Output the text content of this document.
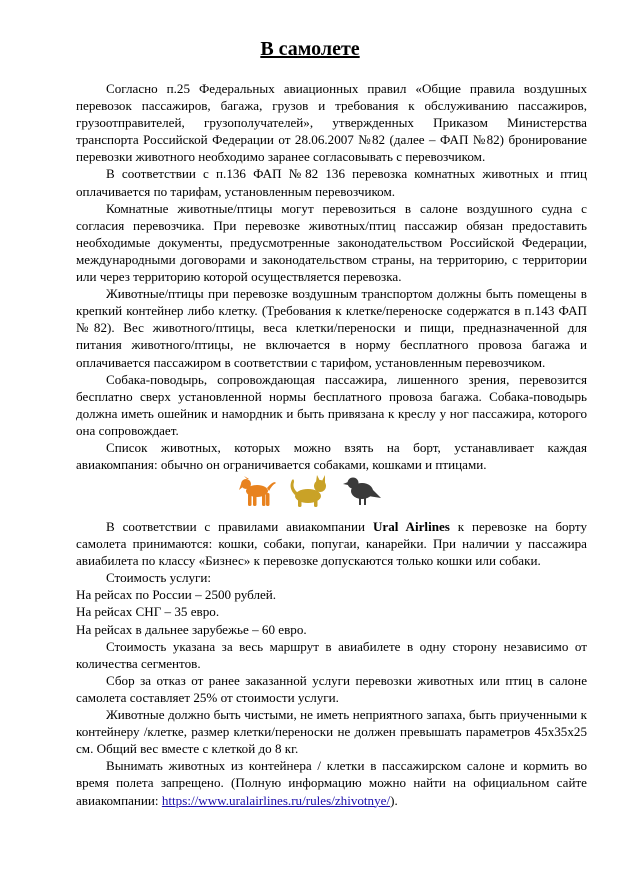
В самолете

Согласно п.25 Федеральных авиационных правил «Общие правила воздушных перевозок пассажиров, багажа, грузов и требования к обслуживанию пассажиров, грузоотправителей, грузополучателей», утвержденных Приказом Министерства транспорта Российской Федерации от 28.06.2007 №82 (далее – ФАП №82) бронирование перевозки животного необходимо заранее согласовывать с перевозчиком.

В соответствии с п.136 ФАП №82 136 перевозка комнатных животных и птиц оплачивается по тарифам, установленным перевозчиком.

Комнатные животные/птицы могут перевозиться в салоне воздушного судна с согласия перевозчика. При перевозке животных/птиц пассажир обязан предоставить необходимые документы, предусмотренные законодательством Российской Федерации, международными договорами и законодательством страны, на территорию, с территории или через территорию которой осуществляется перевозка.

Животные/птицы при перевозке воздушным транспортом должны быть помещены в крепкий контейнер либо клетку. (Требования к клетке/переноске содержатся в п.143 ФАП №82). Вес животного/птицы, веса клетки/переноски и пищи, предназначенной для питания животного/птицы, не включается в норму бесплатного провоза багажа и оплачивается пассажиром в соответствии с тарифом, установленным перевозчиком.

Собака-поводырь, сопровождающая пассажира, лишенного зрения, перевозится бесплатно сверх установленной нормы бесплатного провоза багажа. Собака-поводырь должна иметь ошейник и намордник и быть привязана к креслу у ног пассажира, которого она сопровождает.

Список животных, которых можно взять на борт, устанавливает каждая авиакомпания: обычно он ограничивается собаками, кошками и птицами.

В соответствии с правилами авиакомпании Ural Airlines к перевозке на борту самолета принимаются: кошки, собаки, попугаи, канарейки. При наличии у пассажира авиабилета по классу «Бизнес» к перевозке допускаются только кошки или собаки.

Стоимость услуги:

На рейсах по России – 2500 рублей.

На рейсах СНГ – 35 евро.

На рейсах в дальнее зарубежье – 60 евро.

Стоимость указана за весь маршрут в авиабилете в одну сторону независимо от количества сегментов.

Сбор за отказ от ранее заказанной услуги перевозки животных или птиц в салоне самолета составляет 25% от стоимости услуги.

Животные должно быть чистыми, не иметь неприятного запаха, быть приученными к контейнеру /клетке, размер клетки/переноски не должен превышать параметров 45x35x25 см. Общий вес вместе с клеткой до 8 кг.

Вынимать животных из контейнера / клетки в пассажирском салоне и кормить во время полета запрещено. (Полную информацию можно найти на официальном сайте авиакомпании: https://www.uralairlines.ru/rules/zhivotnye/).
